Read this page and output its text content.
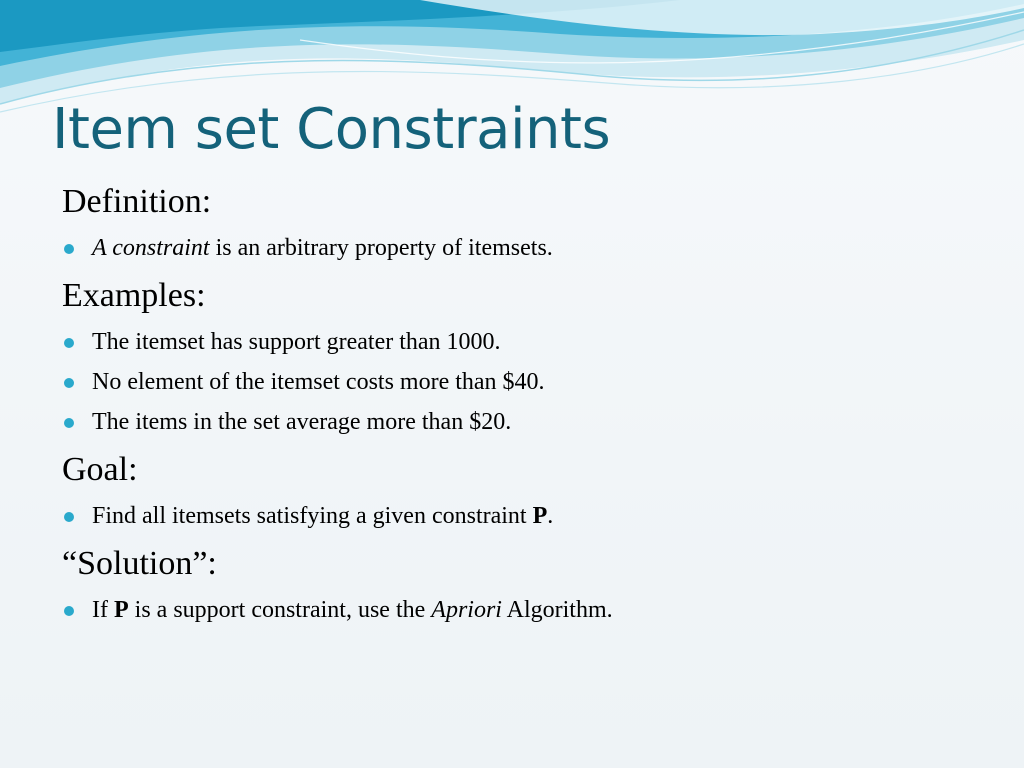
Item set Constraints
Definition:
A constraint is an arbitrary property of itemsets.
Examples:
The itemset has support greater than 1000.
No element of the itemset costs more than $40.
The items in the set average more than $20.
Goal:
Find all itemsets satisfying a given constraint P.
“Solution”:
If P is a support constraint, use the Apriori Algorithm.
